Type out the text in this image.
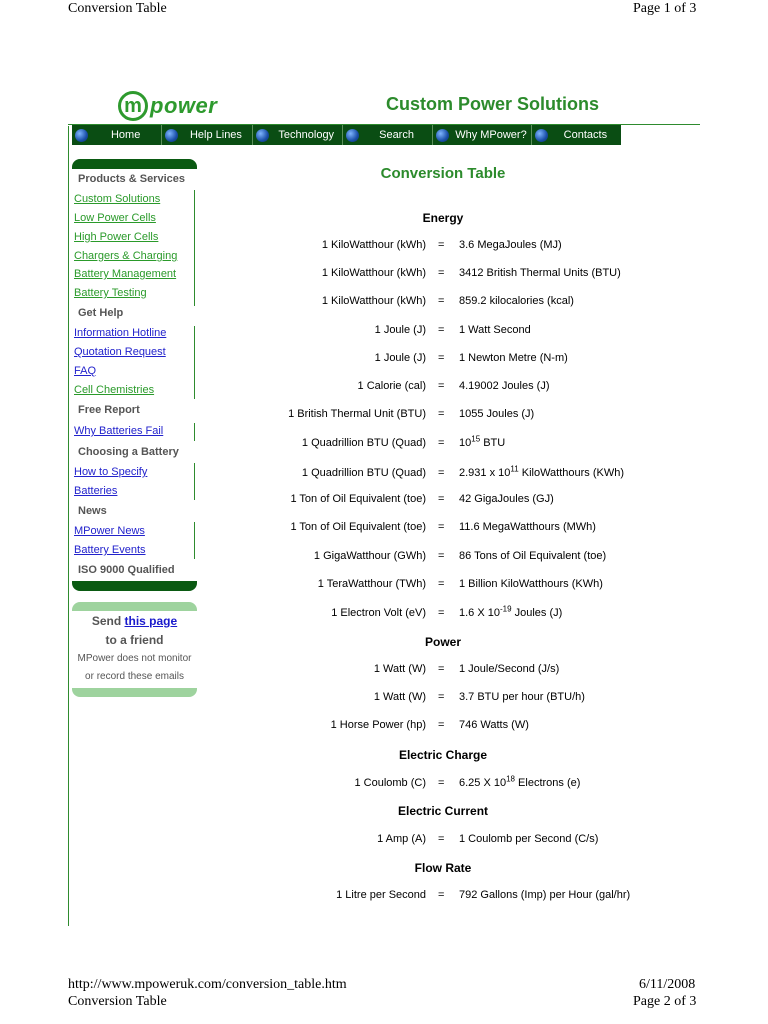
Conversion Table	Page 1 of 3
m power	Custom Power Solutions
Home	Help Lines	Technology	Search	Why MPower?	Contacts
Products & Services
Custom Solutions
Low Power Cells
High Power Cells
Chargers & Charging
Battery Management
Battery Testing
Get Help
Information Hotline
Quotation Request
FAQ
Cell Chemistries
Free Report
Why Batteries Fail
Choosing a Battery
How to Specify
Batteries
News
MPower News
Battery Events
ISO 9000 Qualified
Send this page
to a friend
MPower does not monitor
or record these emails
Conversion Table
Energy
1 KiloWatthour (kWh) = 3.6 MegaJoules (MJ)
1 KiloWatthour (kWh) = 3412 British Thermal Units (BTU)
1 KiloWatthour (kWh) = 859.2 kilocalories (kcal)
1 Joule (J) = 1 Watt Second
1 Joule (J) = 1 Newton Metre (N-m)
1 Calorie (cal) = 4.19002 Joules (J)
1 British Thermal Unit (BTU) = 1055 Joules (J)
1 Quadrillion BTU (Quad) = $10^{15}$ BTU
1 Quadrillion BTU (Quad) = 2.931 x $10^{11}$ KiloWatthours (KWh)
1 Ton of Oil Equivalent (toe) = 42 GigaJoules (GJ)
1 Ton of Oil Equivalent (toe) = 11.6 MegaWatthours (MWh)
1 GigaWatthour (GWh) = 86 Tons of Oil Equivalent (toe)
1 TeraWatthour (TWh) = 1 Billion KiloWatthours (KWh)
1 Electron Volt (eV) = 1.6 X $10^{-19}$ Joules (J)
Power
1 Watt (W) = 1 Joule/Second (J/s)
1 Watt (W) = 3.7 BTU per hour (BTU/h)
1 Horse Power (hp) = 746 Watts (W)
Electric Charge
1 Coulomb (C) = 6.25 X $10^{18}$ Electrons (e)
Electric Current
1 Amp (A) = 1 Coulomb per Second (C/s)
Flow Rate
1 Litre per Second = 792 Gallons (Imp) per Hour (gal/hr)
http://www.mpoweruk.com/conversion_table.htm	6/11/2008
Conversion Table	Page 2 of 3
